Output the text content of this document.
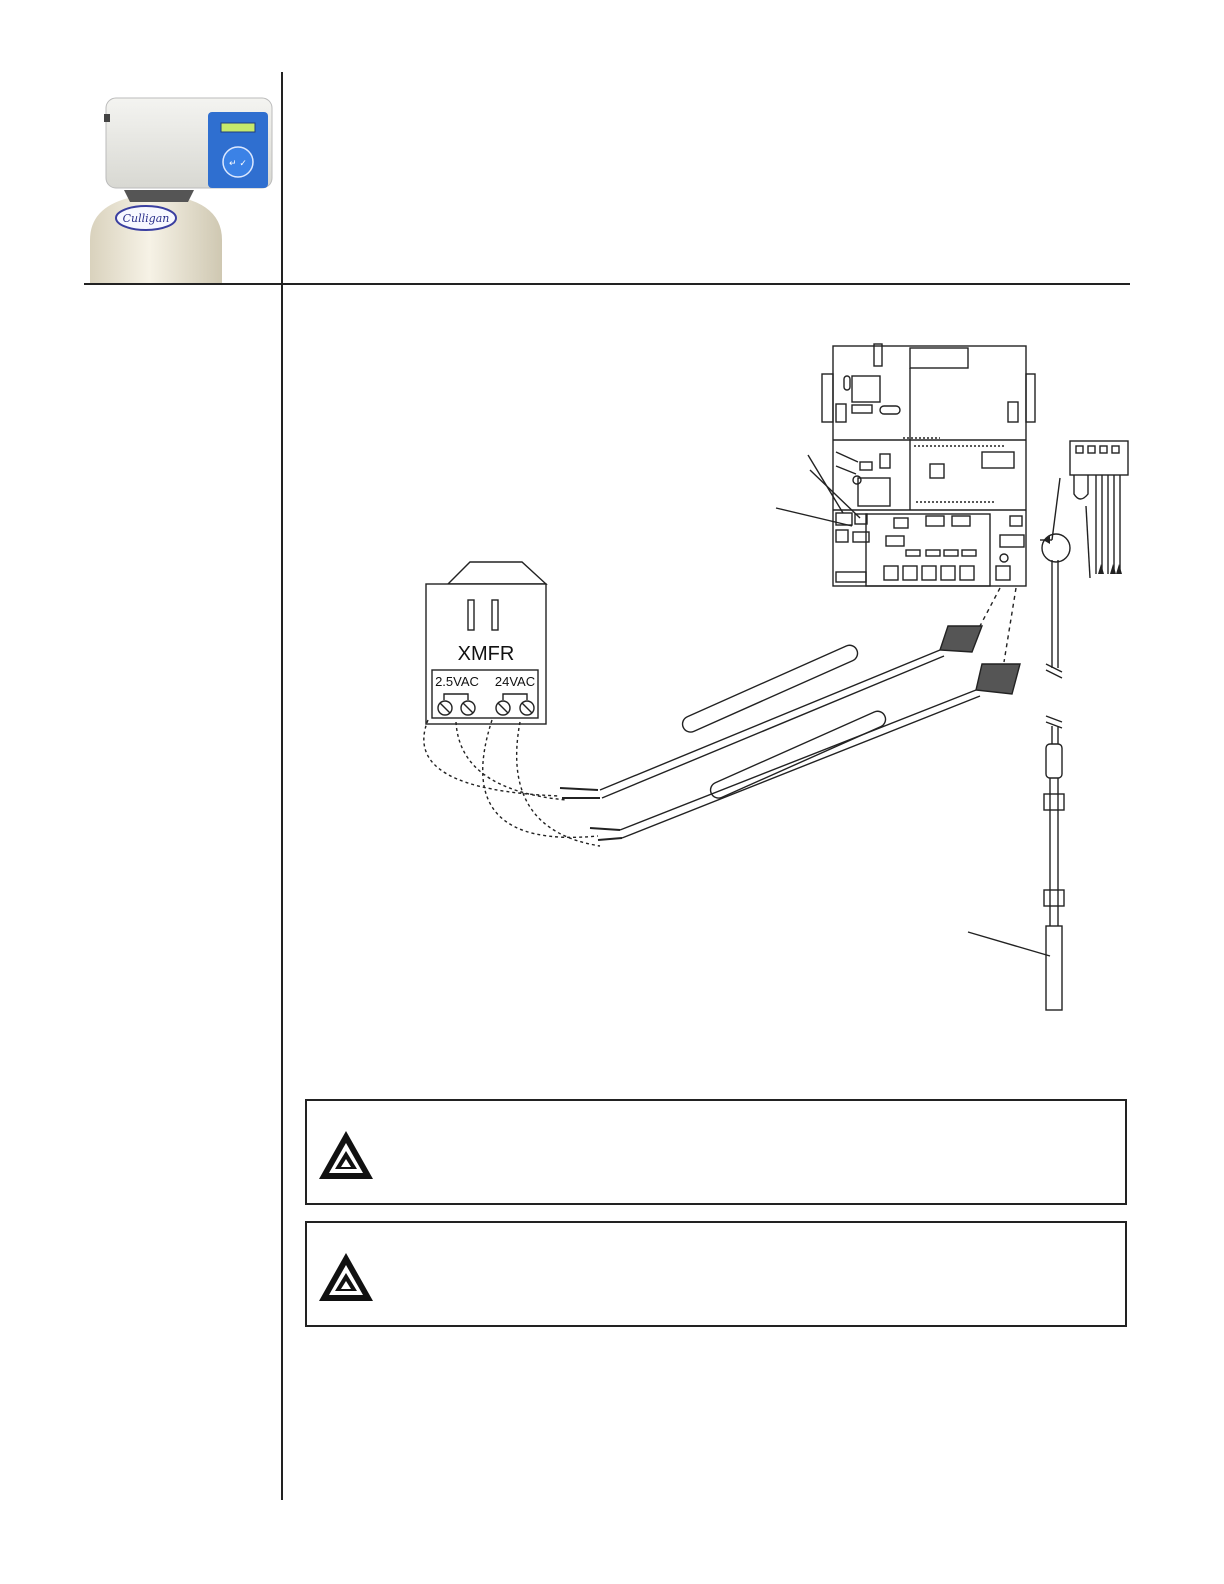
↵ ✓
Culligan
XMFR
2.5VAC 24VAC
